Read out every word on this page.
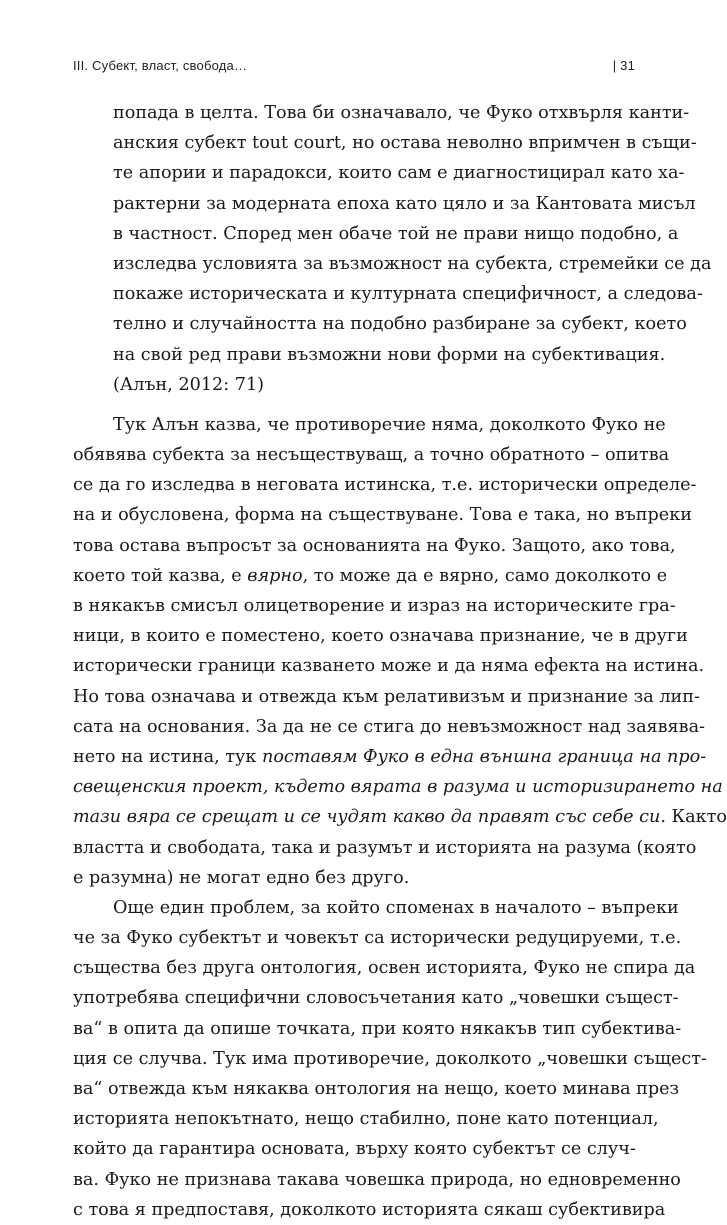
III. Субект, власт, свобода…	| 31
попада в целта. Това би означавало, че Фуко отхвърля канти-
анския субект tout court, но остава неволно впримчен в същи-
те апории и парадокси, които сам е диагностицирал като ха-
рактерни за модерната епоха като цяло и за Кантовата мисъл
в частност. Според мен обаче той не прави нищо подобно, а
изследва условията за възможност на субекта, стремейки се да
покаже историческата и културната специфичност, а следова-
телно и случайността на подобно разбиране за субект, което
на свой ред прави възможни нови форми на субективация.
(Алън, 2012: 71)
Тук Алън казва, че противоречие няма, доколкото Фуко не
обявява субекта за несъществуващ, а точно обратното – опитва
се да го изследва в неговата истинска, т.е. исторически определе-
на и обусловена, форма на съществуване. Това е така, но въпреки
това остава въпросът за основанията на Фуко. Защото, ако това,
което той казва, е вярно, то може да е вярно, само доколкото е
в някакъв смисъл олицетворение и израз на историческите гра-
ници, в които е поместено, което означава признание, че в други
исторически граници казването може и да няма ефекта на истина.
Но това означава и отвежда към релативизъм и признание за лип-
сата на основания. За да не се стига до невъзможност над заявява-
нето на истина, тук поставям Фуко в една външна граница на про-
свещенския проект, където вярата в разума и историзирането на
тази вяра се срещат и се чудят какво да правят със себе си. Както
властта и свободата, така и разумът и историята на разума (която
е разумна) не могат едно без друго.
Още един проблем, за който споменах в началото – въпреки
че за Фуко субектът и човекът са исторически редуцируеми, т.е.
същества без друга онтология, освен историята, Фуко не спира да
употребява специфични словосъчетания като „човешки същест-
ва“ в опита да опише точката, при която някакъв тип субектива-
ция се случва. Тук има противоречие, доколкото „човешки същест-
ва“ отвежда към някаква онтология на нещо, което минава през
историята непокътнато, нещо стабилно, поне като потенциал,
който да гарантира основата, върху която субектът се случ-
ва. Фуко не признава такава човешка природа, но едновременно
с това я предпоставя, доколкото историята сякаш субективира
